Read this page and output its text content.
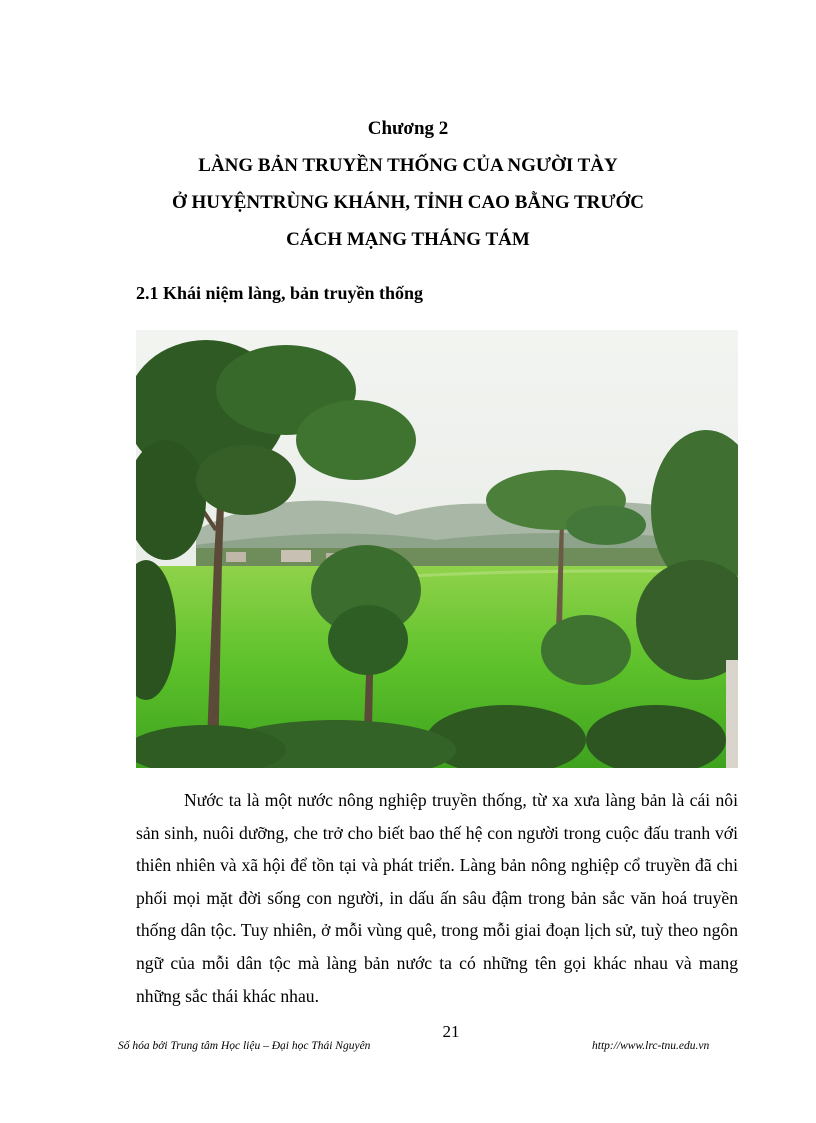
Chương 2
LÀNG BẢN TRUYỀN THỐNG CỦA NGƯỜI TÀY
Ở HUYỆNTRÙNG KHÁNH, TỈNH CAO BẰNG TRƯỚC
CÁCH MẠNG THÁNG TÁM
2.1 Khái niệm làng, bản truyền thống

Nước ta là một nước nông nghiệp truyền thống, từ xa xưa làng bản là cái nôi sản sinh, nuôi dưỡng, che trở cho biết bao thế hệ con người trong cuộc đấu tranh với thiên nhiên và xã hội để tồn tại và phát triển. Làng bản nông nghiệp cổ truyền đã chi phối mọi mặt đời sống con người, in dấu ấn sâu đậm trong bản sắc văn hoá truyền thống dân tộc. Tuy nhiên, ở mỗi vùng quê, trong mỗi giai đoạn lịch sử, tuỳ theo ngôn ngữ của mỗi dân tộc mà làng bản nước ta có những tên gọi khác nhau và mang những sắc thái khác nhau.

21
Số hóa bởi Trung tâm Học liệu – Đại học Thái Nguyên	http://www.lrc-tnu.edu.vn
